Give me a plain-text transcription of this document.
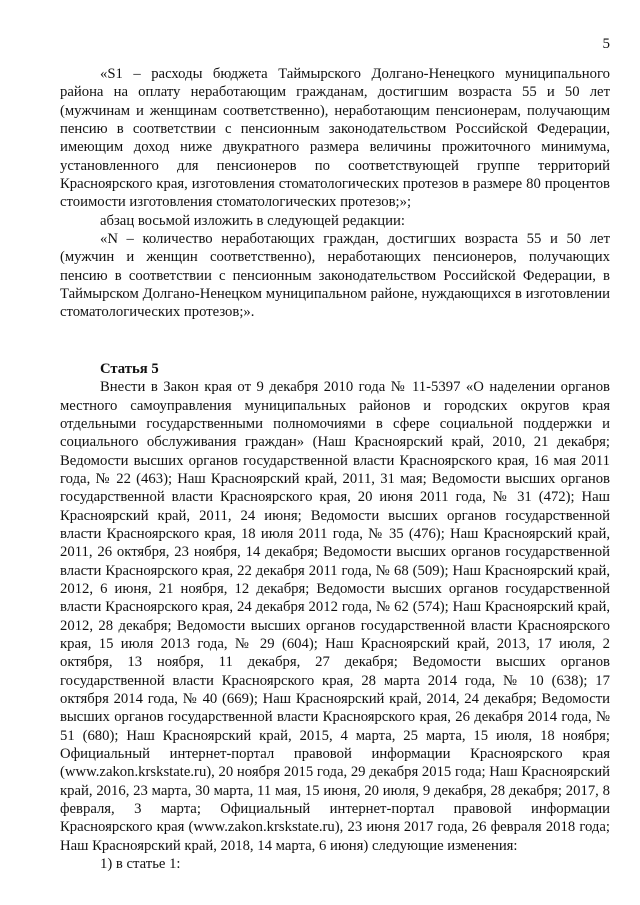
5

«S1 – расходы бюджета Таймырского Долгано-Ненецкого муниципального района на оплату неработающим гражданам, достигшим возраста 55 и 50 лет (мужчинам и женщинам соответственно), неработающим пенсионерам, получающим пенсию в соответствии с пенсионным законодательством Российской Федерации, имеющим доход ниже двукратного размера величины прожиточного минимума, установленного для пенсионеров по соответствующей группе территорий Красноярского края, изготовления стоматологических протезов в размере 80 процентов стоимости изготовления стоматологических протезов;»;

абзац восьмой изложить в следующей редакции:

«N – количество неработающих граждан, достигших возраста 55 и 50 лет (мужчин и женщин соответственно), неработающих пенсионеров, получающих пенсию в соответствии с пенсионным законодательством Российской Федерации, в Таймырском Долгано-Ненецком муниципальном районе, нуждающихся в изготовлении стоматологических протезов;».

Статья 5

Внести в Закон края от 9 декабря 2010 года № 11-5397 «О наделении органов местного самоуправления муниципальных районов и городских округов края отдельными государственными полномочиями в сфере социальной поддержки и социального обслуживания граждан» (Наш Красноярский край, 2010, 21 декабря; Ведомости высших органов государственной власти Красноярского края, 16 мая 2011 года, № 22 (463); Наш Красноярский край, 2011, 31 мая; Ведомости высших органов государственной власти Красноярского края, 20 июня 2011 года, № 31 (472); Наш Красноярский край, 2011, 24 июня; Ведомости высших органов государственной власти Красноярского края, 18 июля 2011 года, № 35 (476); Наш Красноярский край, 2011, 26 октября, 23 ноября, 14 декабря; Ведомости высших органов государственной власти Красноярского края, 22 декабря 2011 года, № 68 (509); Наш Красноярский край, 2012, 6 июня, 21 ноября, 12 декабря; Ведомости высших органов государственной власти Красноярского края, 24 декабря 2012 года, № 62 (574); Наш Красноярский край, 2012, 28 декабря; Ведомости высших органов государственной власти Красноярского края, 15 июля 2013 года, № 29 (604); Наш Красноярский край, 2013, 17 июля, 2 октября, 13 ноября, 11 декабря, 27 декабря; Ведомости высших органов государственной власти Красноярского края, 28 марта 2014 года, № 10 (638); 17 октября 2014 года, № 40 (669); Наш Красноярский край, 2014, 24 декабря; Ведомости высших органов государственной власти Красноярского края, 26 декабря 2014 года, № 51 (680); Наш Красноярский край, 2015, 4 марта, 25 марта, 15 июля, 18 ноября; Официальный интернет-портал правовой информации Красноярского края (www.zakon.krskstate.ru), 20 ноября 2015 года, 29 декабря 2015 года; Наш Красноярский край, 2016, 23 марта, 30 марта, 11 мая, 15 июня, 20 июля, 9 декабря, 28 декабря; 2017, 8 февраля, 3 марта; Официальный интернет-портал правовой информации Красноярского края (www.zakon.krskstate.ru), 23 июня 2017 года, 26 февраля 2018 года; Наш Красноярский край, 2018, 14 марта, 6 июня) следующие изменения:

1) в статье 1:
